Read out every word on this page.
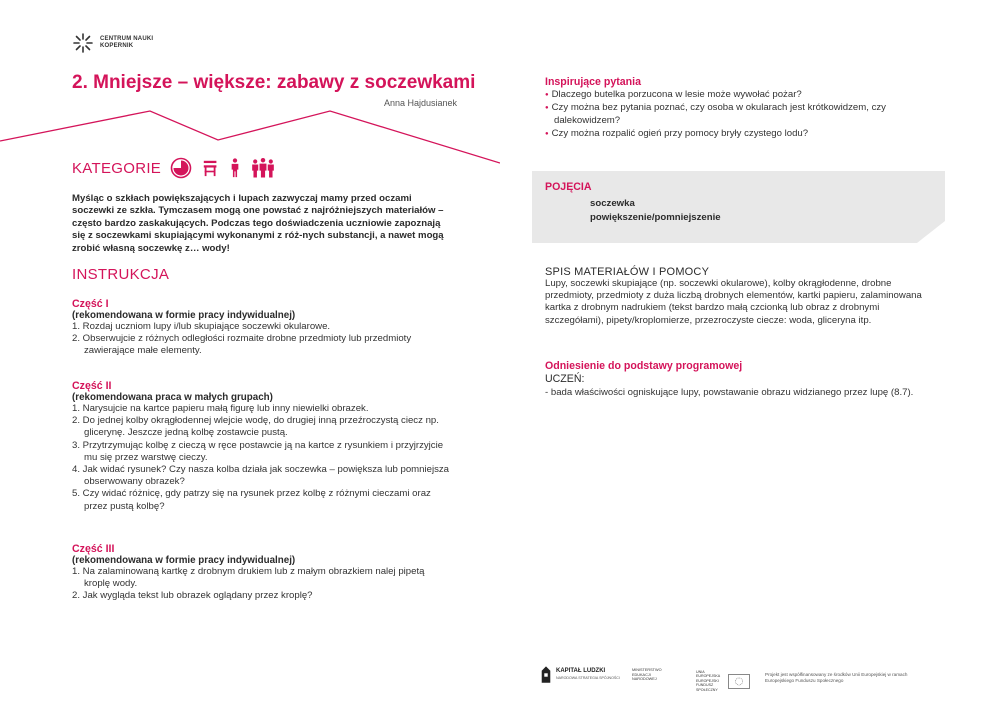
CENTRUM NAUKI
KOPERNIK
2. Mniejsze – większe: zabawy z soczewkami
Anna Hajdusianek
KATEGORIE
Myśląc o szkłach powiększających i lupach zazwyczaj mamy przed oczami soczewki ze szkła. Tymczasem mogą one powstać z najróżniejszych materiałów – często bardzo zaskakujących. Podczas tego doświadczenia uczniowie zapoznają się z soczewkami skupiającymi wykonanymi z róż-nych substancji, a nawet mogą zrobić własną soczewkę z… wody!
INSTRUKCJA
Część I
(rekomendowana w formie pracy indywidualnej)
1. Rozdaj uczniom lupy i/lub skupiające soczewki okularowe.
2. Obserwujcie z różnych odległości rozmaite drobne przedmioty lub przedmioty zawierające małe elementy.
Część II
(rekomendowana praca w małych grupach)
1. Narysujcie na kartce papieru małą figurę lub inny niewielki obrazek.
2. Do jednej kolby okrągłodennej wlejcie wodę, do drugiej inną przeźroczystą ciecz np. glicerynę. Jeszcze jedną kolbę zostawcie pustą.
3. Przytrzymując kolbę z cieczą w ręce postawcie ją na kartce z rysunkiem i przyjrzyjcie mu się przez warstwę cieczy.
4. Jak widać rysunek? Czy nasza kolba działa jak soczewka – powiększa lub pomniejsza obserwowany obrazek?
5. Czy widać różnicę, gdy patrzy się na rysunek przez kolbę z różnymi cieczami oraz przez pustą kolbę?
Część III
(rekomendowana w formie pracy indywidualnej)
1. Na zalaminowaną kartkę z drobnym drukiem lub z małym obrazkiem nalej pipetą kroplę wody.
2. Jak wygląda tekst lub obrazek oglądany przez kroplę?
Inspirujące pytania
● Dlaczego butelka porzucona w lesie może wywołać pożar?
● Czy można bez pytania poznać, czy osoba w okularach jest krótkowidzem, czy dalekowidzem?
● Czy można rozpalić ogień przy pomocy bryły czystego lodu?
POJĘCIA
soczewka
powiększenie/pomniejszenie
SPIS MATERIAŁÓW I POMOCY
Lupy, soczewki skupiające (np. soczewki okularowe), kolby okrągłodenne, drobne przedmioty, przedmioty z duża liczbą drobnych elementów, kartki papieru, zalaminowana kartka z drobnym nadrukiem (tekst bardzo małą czcionką lub obraz z drobnymi szczegółami), pipety/kroplomierze, przezroczyste ciecze: woda, gliceryna itp.
Odniesienie do podstawy programowej
UCZEŃ:
- bada właściwości ogniskujące lupy, powstawanie obrazu widzianego przez lupę (8.7).
KAPITAŁ LUDZKI
NARODOWA STRATEGIA SPÓJNOŚCI
MINISTERSTWO EDUKACJI NARODOWEJ
UNIA EUROPEJSKA EUROPEJSKI FUNDUSZ SPOŁECZNY
Projekt jest współfinansowany ze środków Unii Europejskiej w ramach Europejskiego Funduszu Społecznego
